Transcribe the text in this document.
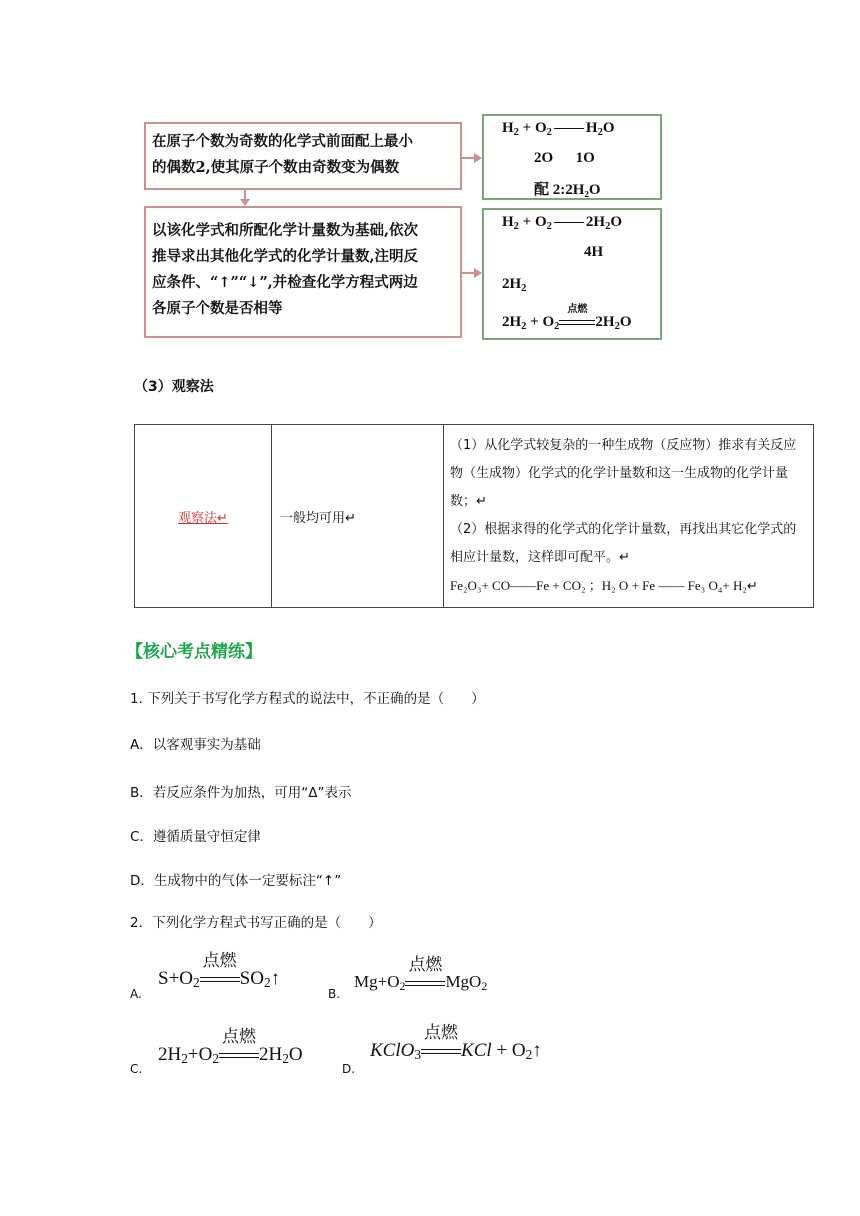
在原子个数为奇数的化学式前面配上最小
的偶数2,使其原子个数由奇数变为偶数
$H_2 + O_2$ $H_2O$
2O      1O
配 2:2H₂O
以该化学式和所配化学计量数为基础,依次
推导求出其他化学式的化学计量数,注明反
应条件、“↑”“↓”,并检查化学方程式两边
各原子个数是否相等
$H_2 + O_2$ $2H_2O$
4H
$2H_2$
$2H_2 + O_2$
点燃
$2H_2O$
（3）观察法
观察法↵	一般均可用↵	
（1）从化学式较复杂的一种生成物（反应物）推求有关反应物（生成物）化学式的化学计量数和这一生成物的化学计量数；↵
（2）根据求得的化学式的化学计量数，再找出其它化学式的相应计量数，这样即可配平。↵
Fe₂O₃+ CO——Fe + CO₂ ；H₂ O + Fe —— Fe₃ O₄+ H₂↵
【核心考点精练】
1. 下列关于书写化学方程式的说法中，不正确的是（　　）
A．以客观事实为基础
B．若反应条件为加热，可用“Δ”表示
C．遵循质量守恒定律
D．生成物中的气体一定要标注“↑”
2．下列化学方程式书写正确的是（　　）
A.
$S+O_2$
点燃
$SO_2↑$
B.
$Mg+O_2$
点燃
MgO$_2$
C.
$2H_2+O_2$
点燃
$2H_2O$
D.
KClO$_3$
点燃
KCl + $O_2↑$
